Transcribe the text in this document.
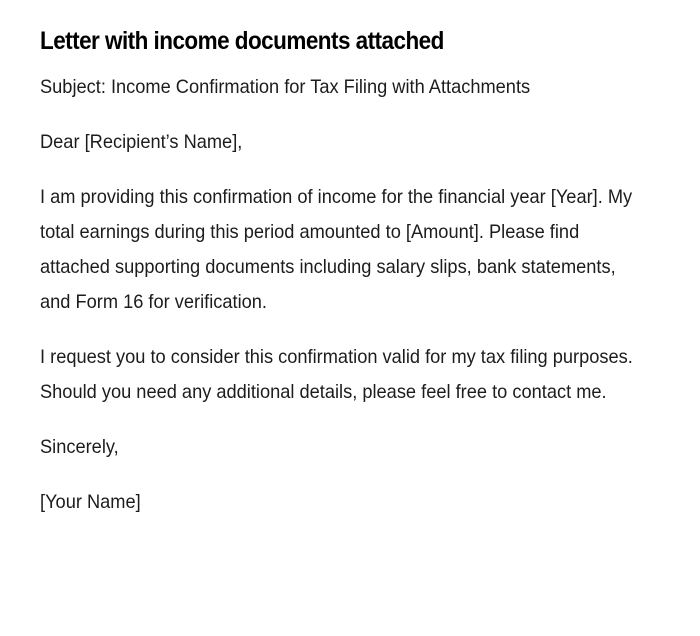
Letter with income documents attached

Subject: Income Confirmation for Tax Filing with Attachments

Dear [Recipient’s Name],

I am providing this confirmation of income for the financial year [Year]. My total earnings during this period amounted to [Amount]. Please find attached supporting documents including salary slips, bank statements, and Form 16 for verification.

I request you to consider this confirmation valid for my tax filing purposes. Should you need any additional details, please feel free to contact me.

Sincerely,

[Your Name]
